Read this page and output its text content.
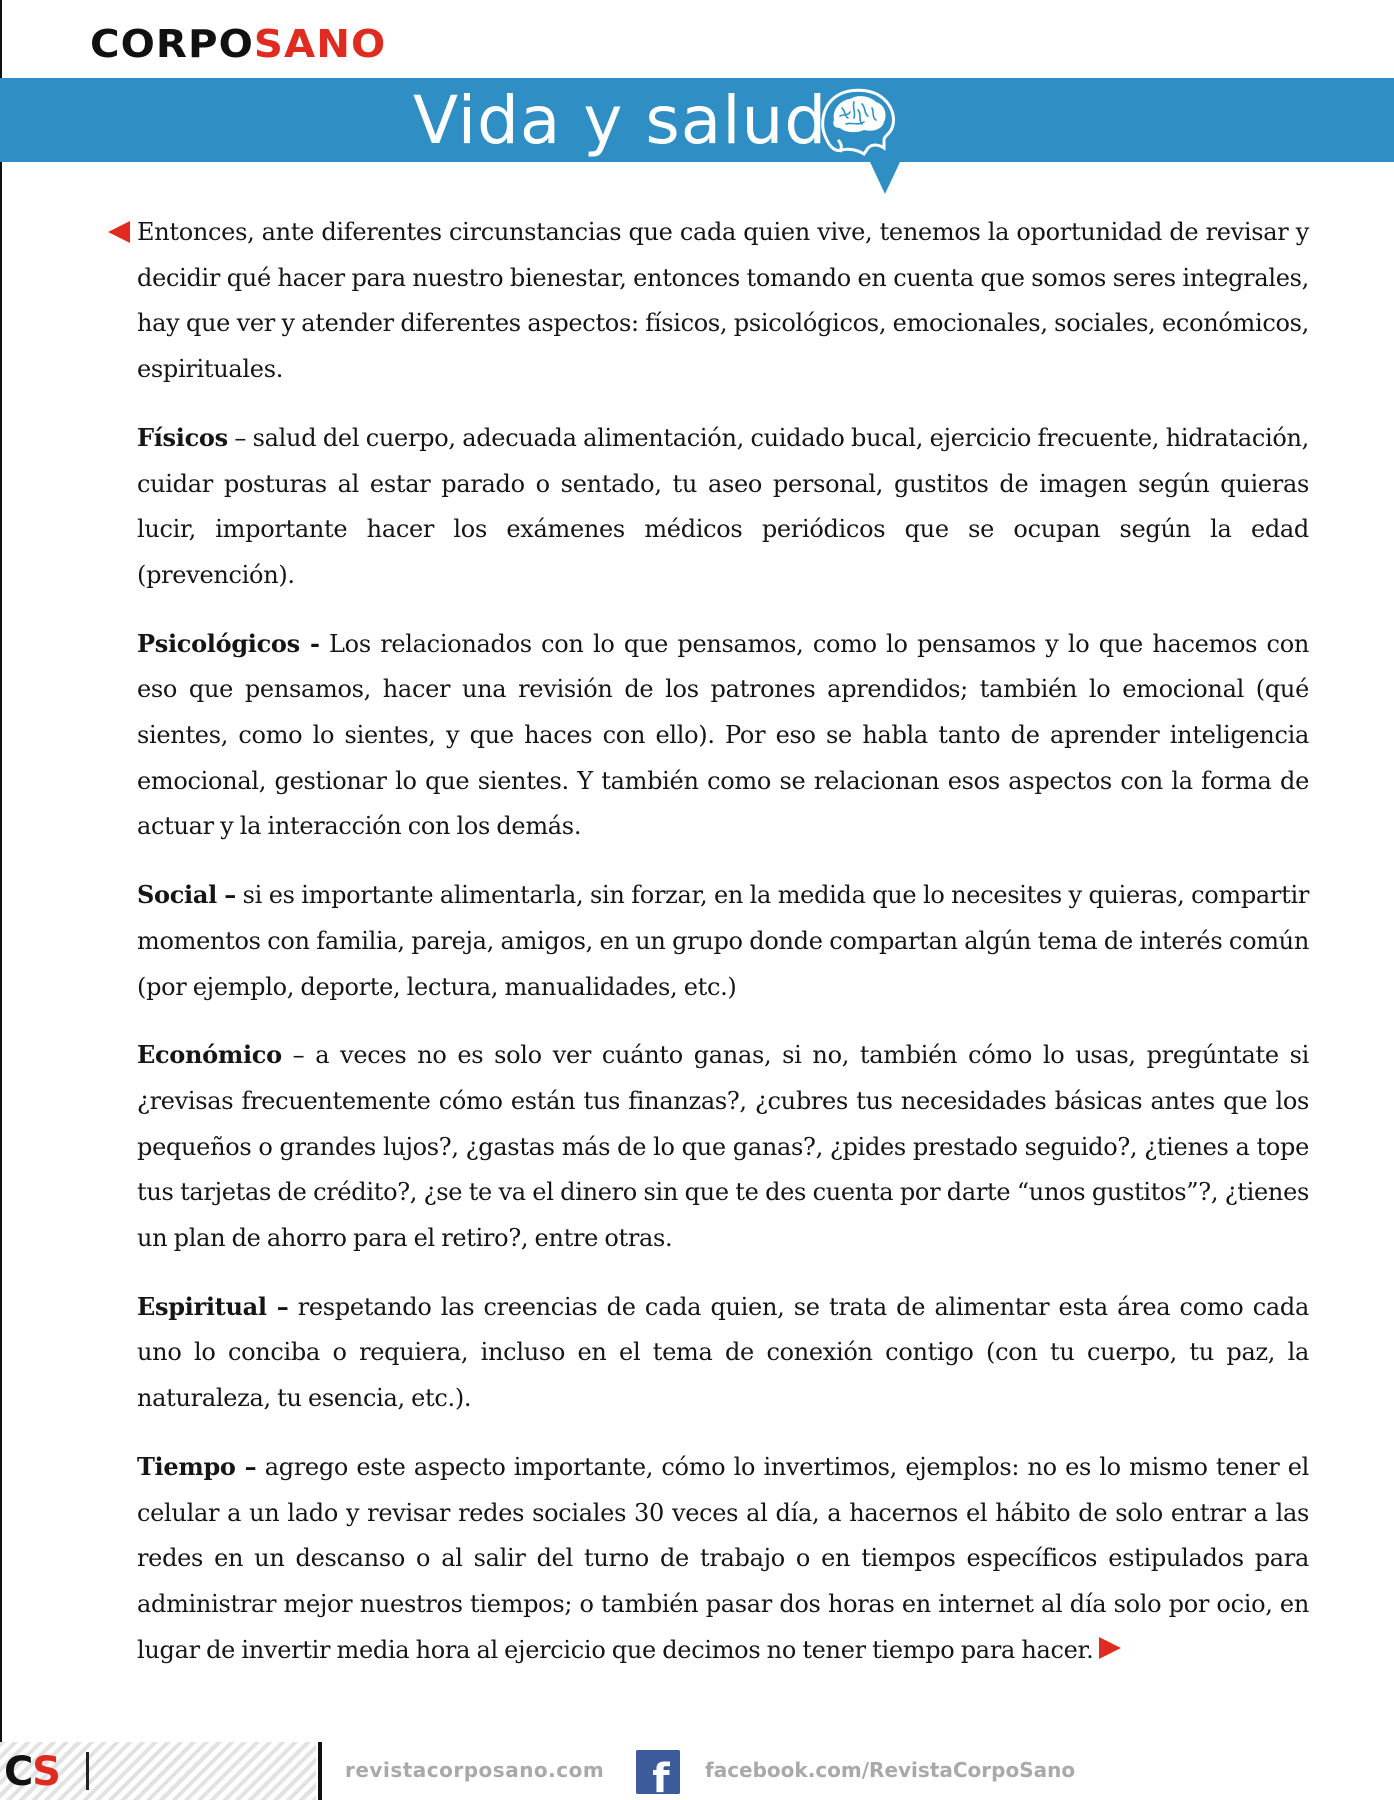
CORPOSANO
Vida y salud

Entonces, ante diferentes circunstancias que cada quien vive, tenemos la oportunidad de revisar y decidir qué hacer para nuestro bienestar, entonces tomando en cuenta que somos seres integrales, hay que ver y atender diferentes aspectos: físicos, psicológicos, emocionales, sociales, económicos, espirituales.

Físicos – salud del cuerpo, adecuada alimentación, cuidado bucal, ejercicio frecuente, hidratación, cuidar posturas al estar parado o sentado, tu aseo personal, gustitos de imagen según quieras lucir, importante hacer los exámenes médicos periódicos que se ocupan según la edad (prevención).

Psicológicos - Los relacionados con lo que pensamos, como lo pensamos y lo que hacemos con eso que pensamos, hacer una revisión de los patrones aprendidos; también lo emocional (qué sientes, como lo sientes, y que haces con ello). Por eso se habla tanto de aprender inteligencia emocional, gestionar lo que sientes. Y también como se relacionan esos aspectos con la forma de actuar y la interacción con los demás.

Social – si es importante alimentarla, sin forzar, en la medida que lo necesites y quieras, compartir momentos con familia, pareja, amigos, en un grupo donde compartan algún tema de interés común (por ejemplo, deporte, lectura, manualidades, etc.)

Económico – a veces no es solo ver cuánto ganas, si no, también cómo lo usas, pregúntate si ¿revisas frecuentemente cómo están tus finanzas?, ¿cubres tus necesidades básicas antes que los pequeños o grandes lujos?, ¿gastas más de lo que ganas?, ¿pides prestado seguido?, ¿tienes a tope tus tarjetas de crédito?, ¿se te va el dinero sin que te des cuenta por darte “unos gustitos”?, ¿tienes un plan de ahorro para el retiro?, entre otras.

Espiritual – respetando las creencias de cada quien, se trata de alimentar esta área como cada uno lo conciba o requiera, incluso en el tema de conexión contigo (con tu cuerpo, tu paz, la naturaleza, tu esencia, etc.).

Tiempo – agrego este aspecto importante, cómo lo invertimos, ejemplos: no es lo mismo tener el celular a un lado y revisar redes sociales 30 veces al día, a hacernos el hábito de solo entrar a las redes en un descanso o al salir del turno de trabajo o en tiempos específicos estipulados para administrar mejor nuestros tiempos; o también pasar dos horas en internet al día solo por ocio, en lugar de invertir media hora al ejercicio que decimos no tener tiempo para hacer.

CS	revistacorposano.com f facebook.com/RevistaCorpoSano
